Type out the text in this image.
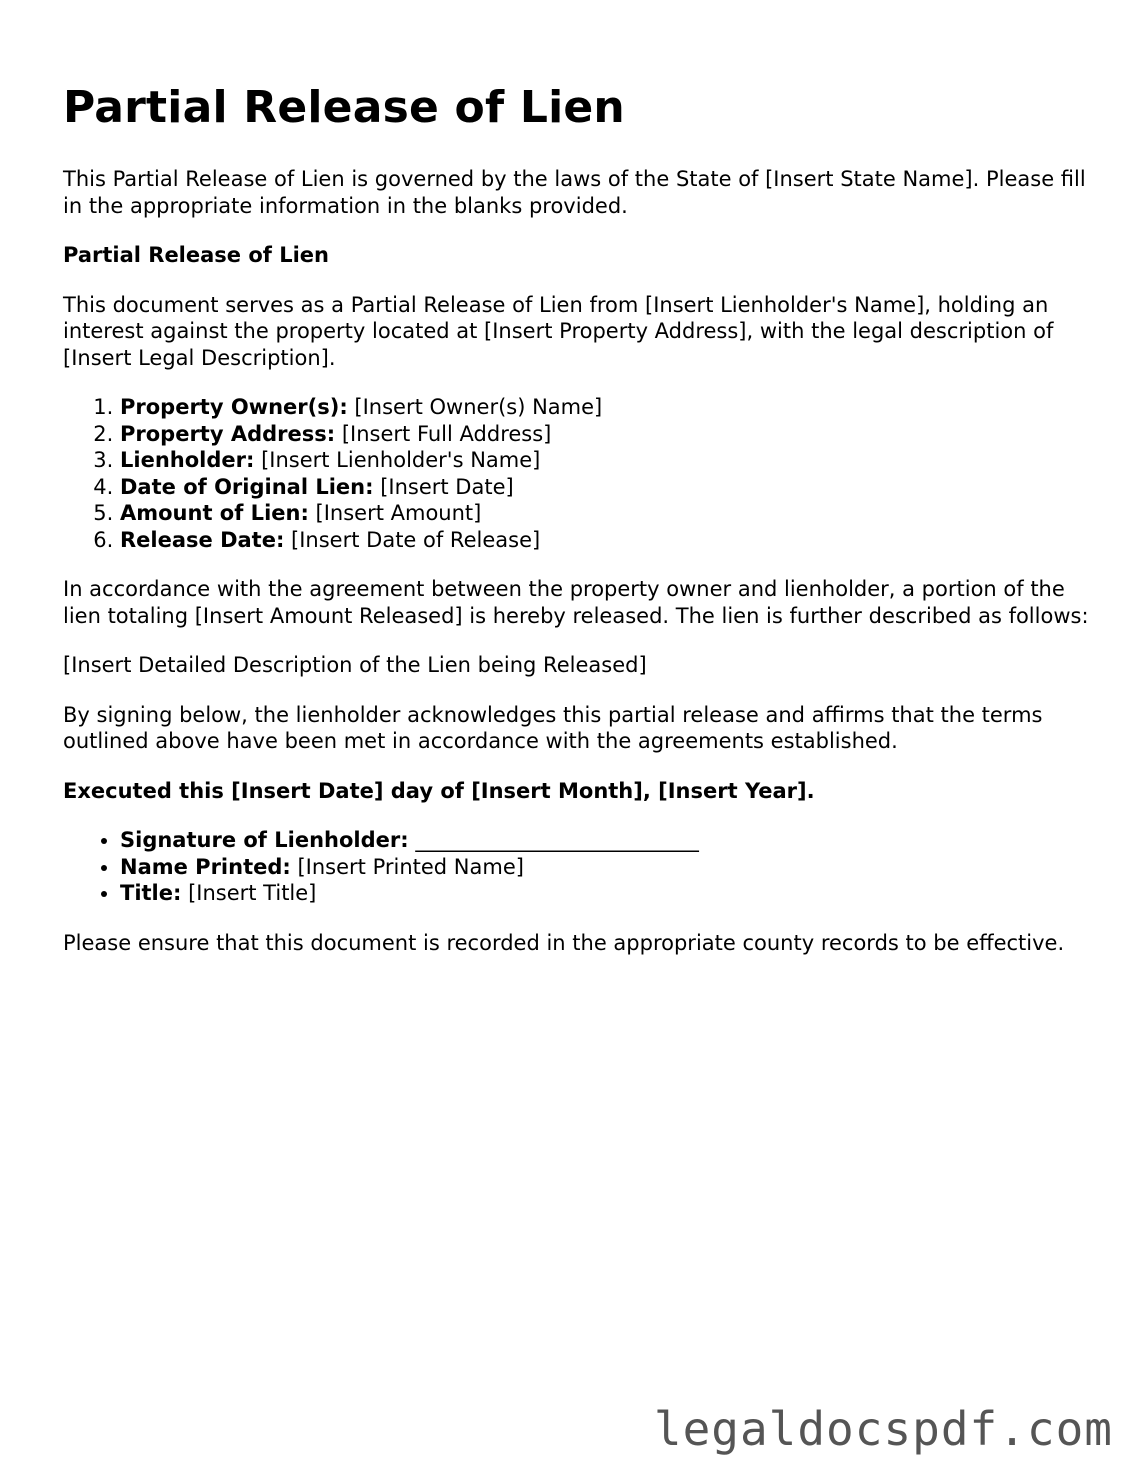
Partial Release of Lien

This Partial Release of Lien is governed by the laws of the State of [Insert State Name]. Please fill in the appropriate information in the blanks provided.

Partial Release of Lien

This document serves as a Partial Release of Lien from [Insert Lienholder's Name], holding an interest against the property located at [Insert Property Address], with the legal description of [Insert Legal Description].

1. Property Owner(s): [Insert Owner(s) Name]
2. Property Address: [Insert Full Address]
3. Lienholder: [Insert Lienholder's Name]
4. Date of Original Lien: [Insert Date]
5. Amount of Lien: [Insert Amount]
6. Release Date: [Insert Date of Release]

In accordance with the agreement between the property owner and lienholder, a portion of the lien totaling [Insert Amount Released] is hereby released. The lien is further described as follows:

[Insert Detailed Description of the Lien being Released]

By signing below, the lienholder acknowledges this partial release and affirms that the terms outlined above have been met in accordance with the agreements established.

Executed this [Insert Date] day of [Insert Month], [Insert Year].

• Signature of Lienholder: ___________________________
• Name Printed: [Insert Printed Name]
• Title: [Insert Title]

Please ensure that this document is recorded in the appropriate county records to be effective.

legaldocspdf.com
